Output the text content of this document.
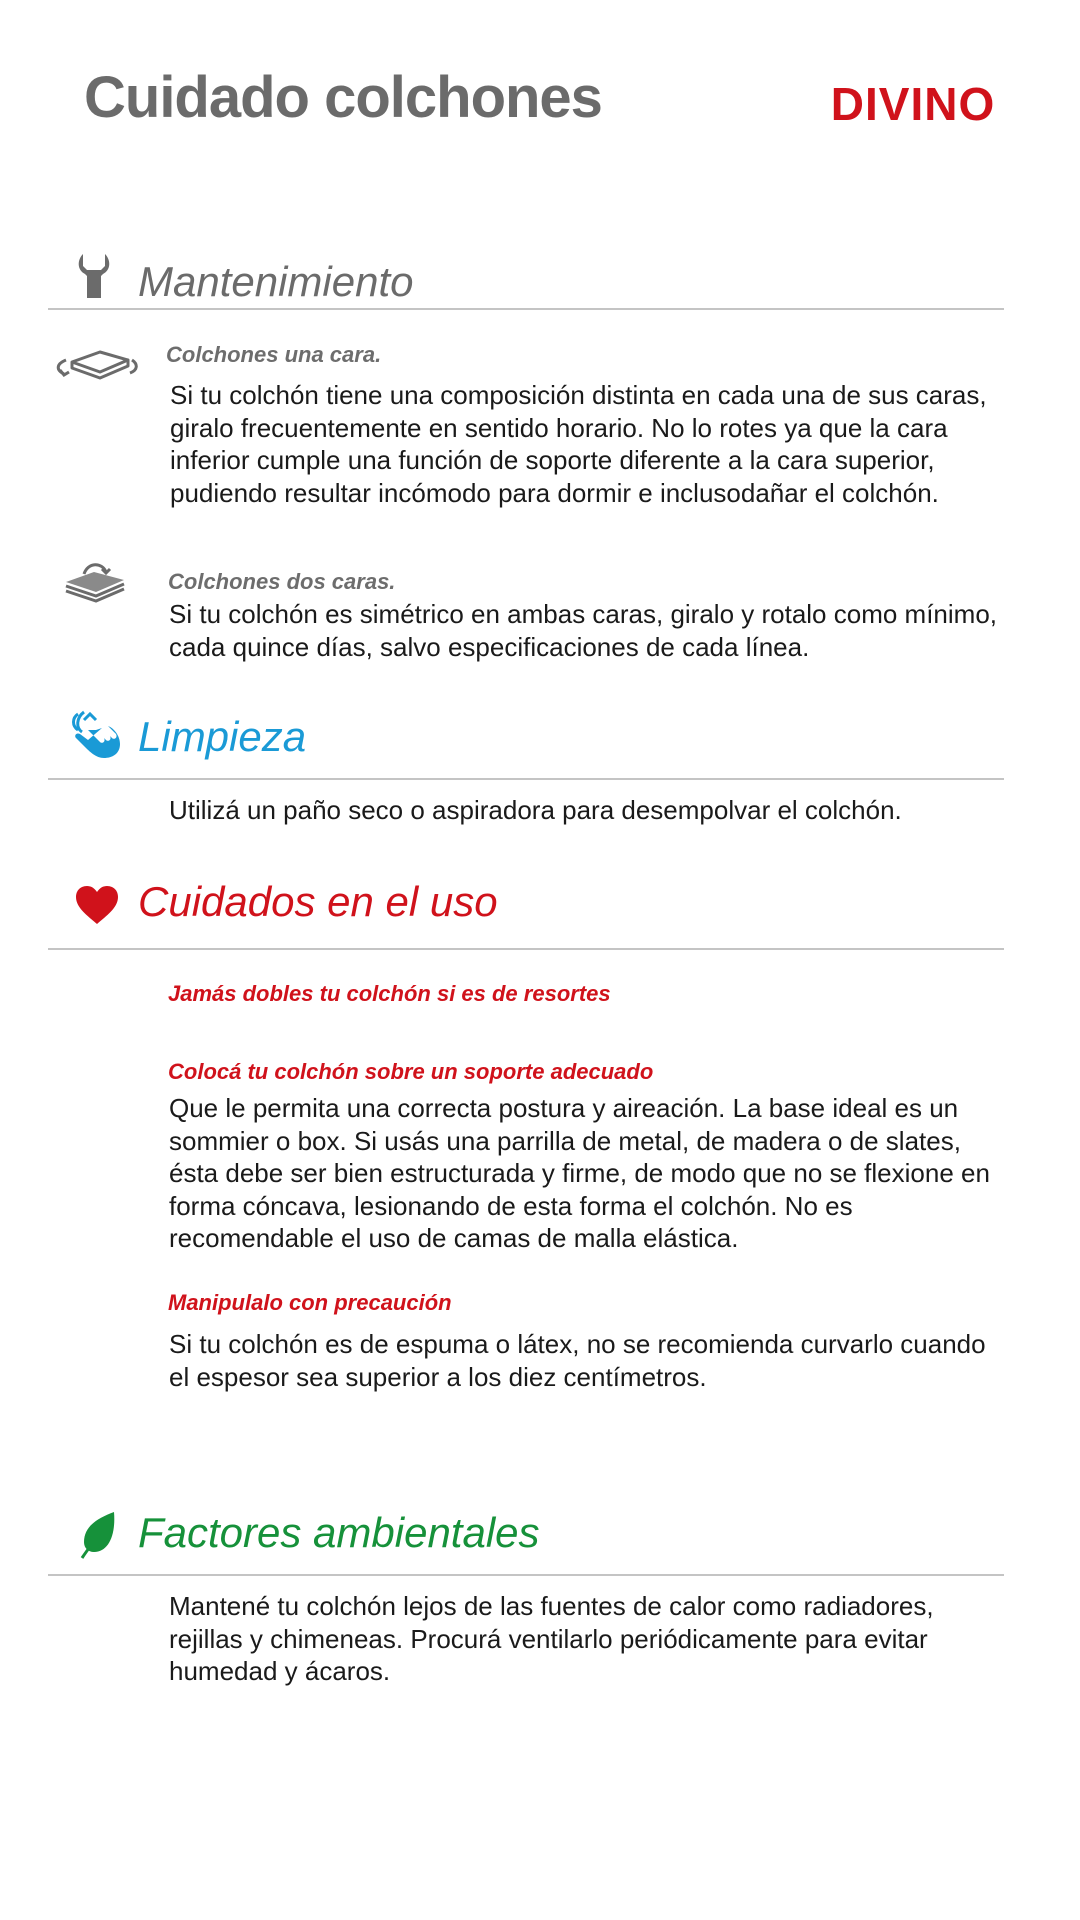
Cuidado colchones	DIVINO
Mantenimiento

Colchones una cara.

Si tu colchón tiene una composición distinta en cada una de sus caras, giralo frecuentemente en sentido horario. No lo rotes ya que la cara inferior cumple una función de soporte diferente a la cara superior, pudiendo resultar incómodo para dormir e inclusodañar el colchón.

Colchones dos caras.

Si tu colchón es simétrico en ambas caras, giralo y rotalo como mínimo, cada quince días, salvo especificaciones de cada línea.

Limpieza

Utilizá un paño seco o aspiradora para desempolvar el colchón.

Cuidados en el uso

Jamás dobles tu colchón si es de resortes

Colocá tu colchón sobre un soporte adecuado

Que le permita una correcta postura y aireación. La base ideal es un sommier o box. Si usás una parrilla de metal, de madera o de slates, ésta debe ser bien estructurada y firme, de modo que no se flexione en forma cóncava, lesionando de esta forma el colchón. No es recomendable el uso de camas de malla elástica.

Manipulalo con precaución

Si tu colchón es de espuma o látex, no se recomienda curvarlo cuando el espesor sea superior a los diez centímetros.

Factores ambientales

Mantené tu colchón lejos de las fuentes de calor como radiadores, rejillas y chimeneas. Procurá ventilarlo periódicamente para evitar humedad y ácaros.
